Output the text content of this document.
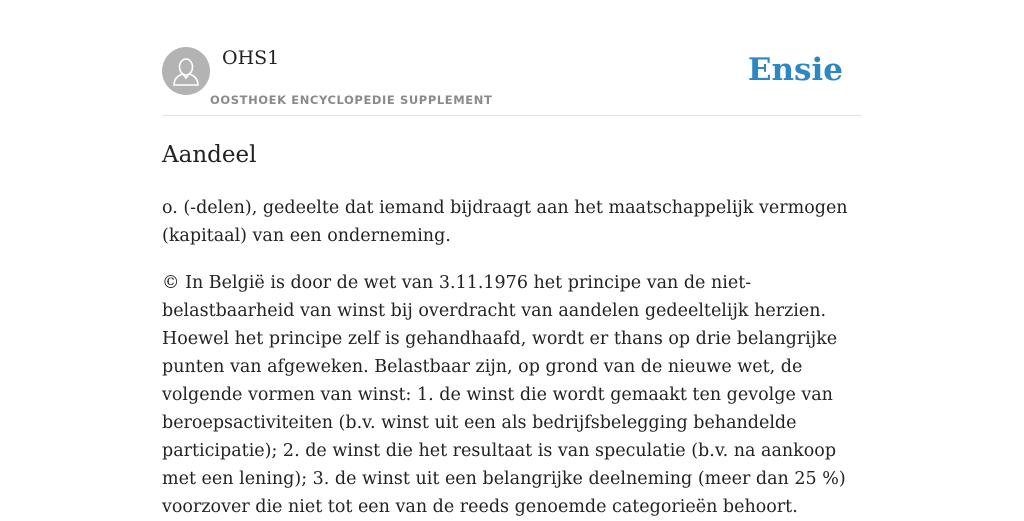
OHS1
OOSTHOEK ENCYCLOPEDIE SUPPLEMENT
Ensie
Aandeel

o. (-delen), gedeelte dat iemand bijdraagt aan het maatschappelijk vermogen (kapitaal) van een onderneming.

© In België is door de wet van 3.11.1976 het principe van de niet-belastbaarheid van winst bij overdracht van aandelen gedeeltelijk herzien. Hoewel het principe zelf is gehandhaafd, wordt er thans op drie belangrijke punten van afgeweken. Belastbaar zijn, op grond van de nieuwe wet, de volgende vormen van winst: 1. de winst die wordt gemaakt ten gevolge van beroepsactiviteiten (b.v. winst uit een als bedrijfsbelegging behandelde participatie); 2. de winst die het resultaat is van speculatie (b.v. na aankoop met een lening); 3. de winst uit een belangrijke deelneming (meer dan 25 %) voorzover die niet tot een van de reeds genoemde categorieën behoort.
